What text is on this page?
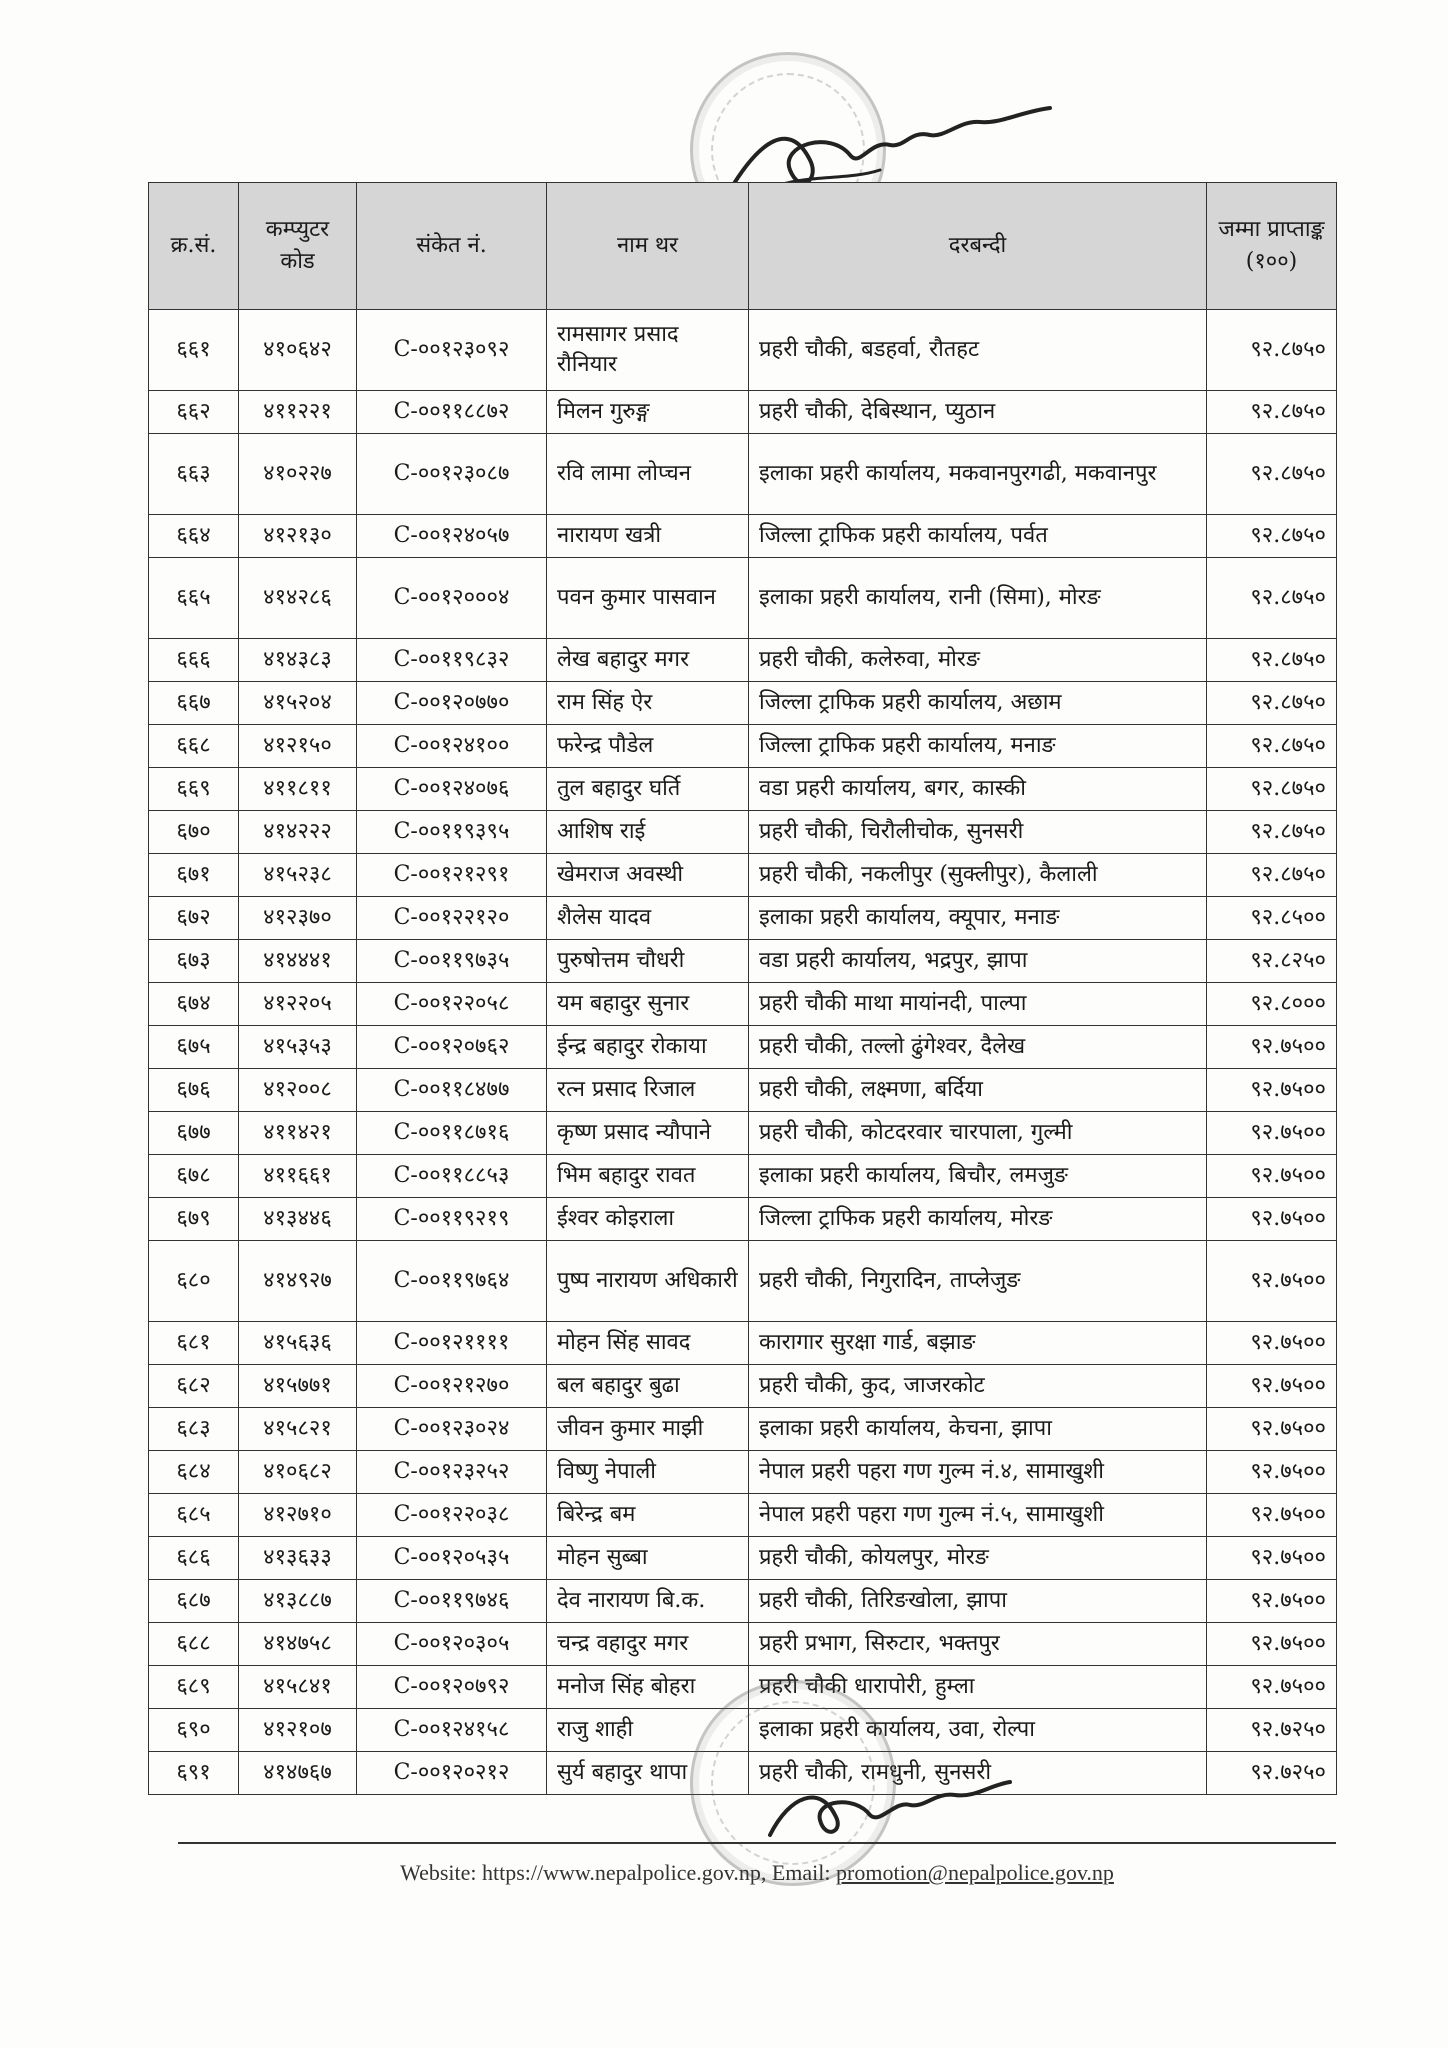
क्र.सं.	कम्प्युटर कोड	संकेत नं.	नाम थर	दरबन्दी	जम्मा प्राप्ताङ्क (१००)
६६१	४१०६४२	C-००१२३०९२	रामसागर प्रसाद रौनियार	प्रहरी चौकी, बडहर्वा, रौतहट	९२.८७५०
६६२	४११२२१	C-००११८८७२	मिलन गुरुङ्ग	प्रहरी चौकी, देबिस्थान, प्युठान	९२.८७५०
६६३	४१०२२७	C-००१२३०८७	रवि लामा लोप्चन	इलाका प्रहरी कार्यालय, मकवानपुरगढी, मकवानपुर	९२.८७५०
६६४	४१२१३०	C-००१२४०५७	नारायण खत्री	जिल्ला ट्राफिक प्रहरी कार्यालय, पर्वत	९२.८७५०
६६५	४१४२८६	C-००१२०००४	पवन कुमार पासवान	इलाका प्रहरी कार्यालय, रानी (सिमा), मोरङ	९२.८७५०
६६६	४१४३८३	C-००११९८३२	लेख बहादुर मगर	प्रहरी चौकी, कलेरुवा, मोरङ	९२.८७५०
६६७	४१५२०४	C-००१२०७७०	राम सिंह ऐर	जिल्ला ट्राफिक प्रहरी कार्यालय, अछाम	९२.८७५०
६६८	४१२१५०	C-००१२४१००	फरेन्द्र पौडेल	जिल्ला ट्राफिक प्रहरी कार्यालय, मनाङ	९२.८७५०
६६९	४११८११	C-००१२४०७६	तुल बहादुर घर्ति	वडा प्रहरी कार्यालय, बगर, कास्की	९२.८७५०
६७०	४१४२२२	C-००११९३९५	आशिष राई	प्रहरी चौकी, चिरौलीचोक, सुनसरी	९२.८७५०
६७१	४१५२३८	C-००१२१२९१	खेमराज अवस्थी	प्रहरी चौकी, नकलीपुर (सुक्लीपुर), कैलाली	९२.८७५०
६७२	४१२३७०	C-००१२२१२०	शैलेस यादव	इलाका प्रहरी कार्यालय, क्यूपार, मनाङ	९२.८५००
६७३	४१४४४१	C-००११९७३५	पुरुषोत्तम चौधरी	वडा प्रहरी कार्यालय, भद्रपुर, झापा	९२.८२५०
६७४	४१२२०५	C-००१२२०५८	यम बहादुर सुनार	प्रहरी चौकी माथा मायांनदी, पाल्पा	९२.८०००
६७५	४१५३५३	C-००१२०७६२	ईन्द्र बहादुर रोकाया	प्रहरी चौकी, तल्लो ढुंगेश्वर, दैलेख	९२.७५००
६७६	४१२००८	C-००११८४७७	रत्न प्रसाद रिजाल	प्रहरी चौकी, लक्ष्मणा, बर्दिया	९२.७५००
६७७	४११४२१	C-००११८७१६	कृष्ण प्रसाद न्यौपाने	प्रहरी चौकी, कोटदरवार चारपाला, गुल्मी	९२.७५००
६७८	४११६६१	C-००११८८५३	भिम बहादुर रावत	इलाका प्रहरी कार्यालय, बिचौर, लमजुङ	९२.७५००
६७९	४१३४४६	C-००११९२१९	ईश्वर कोइराला	जिल्ला ट्राफिक प्रहरी कार्यालय, मोरङ	९२.७५००
६८०	४१४९२७	C-००११९७६४	पुष्प नारायण अधिकारी	प्रहरी चौकी, निगुरादिन, ताप्लेजुङ	९२.७५००
६८१	४१५६३६	C-००१२११११	मोहन सिंह सावद	कारागार सुरक्षा गार्ड, बझाङ	९२.७५००
६८२	४१५७७१	C-००१२१२७०	बल बहादुर बुढा	प्रहरी चौकी, कुद, जाजरकोट	९२.७५००
६८३	४१५८२१	C-००१२३०२४	जीवन कुमार माझी	इलाका प्रहरी कार्यालय, केचना, झापा	९२.७५००
६८४	४१०६८२	C-००१२३२५२	विष्णु नेपाली	नेपाल प्रहरी पहरा गण गुल्म नं.४, सामाखुशी	९२.७५००
६८५	४१२७१०	C-००१२२०३८	बिरेन्द्र बम	नेपाल प्रहरी पहरा गण गुल्म नं.५, सामाखुशी	९२.७५००
६८६	४१३६३३	C-००१२०५३५	मोहन सुब्बा	प्रहरी चौकी, कोयलपुर, मोरङ	९२.७५००
६८७	४१३८८७	C-००११९७४६	देव नारायण बि.क.	प्रहरी चौकी, तिरिङखोला, झापा	९२.७५००
६८८	४१४७५८	C-००१२०३०५	चन्द्र वहादुर मगर	प्रहरी प्रभाग, सिरुटार, भक्तपुर	९२.७५००
६८९	४१५८४१	C-००१२०७९२	मनोज सिंह बोहरा	प्रहरी चौकी धारापोरी, हुम्ला	९२.७५००
६९०	४१२१०७	C-००१२४१५८	राजु शाही	इलाका प्रहरी कार्यालय, उवा, रोल्पा	९२.७२५०
६९१	४१४७६७	C-००१२०२१२	सुर्य बहादुर थापा	प्रहरी चौकी, रामधुनी, सुनसरी	९२.७२५०
Website: https://www.nepalpolice.gov.np, Email: promotion@nepalpolice.gov.np
